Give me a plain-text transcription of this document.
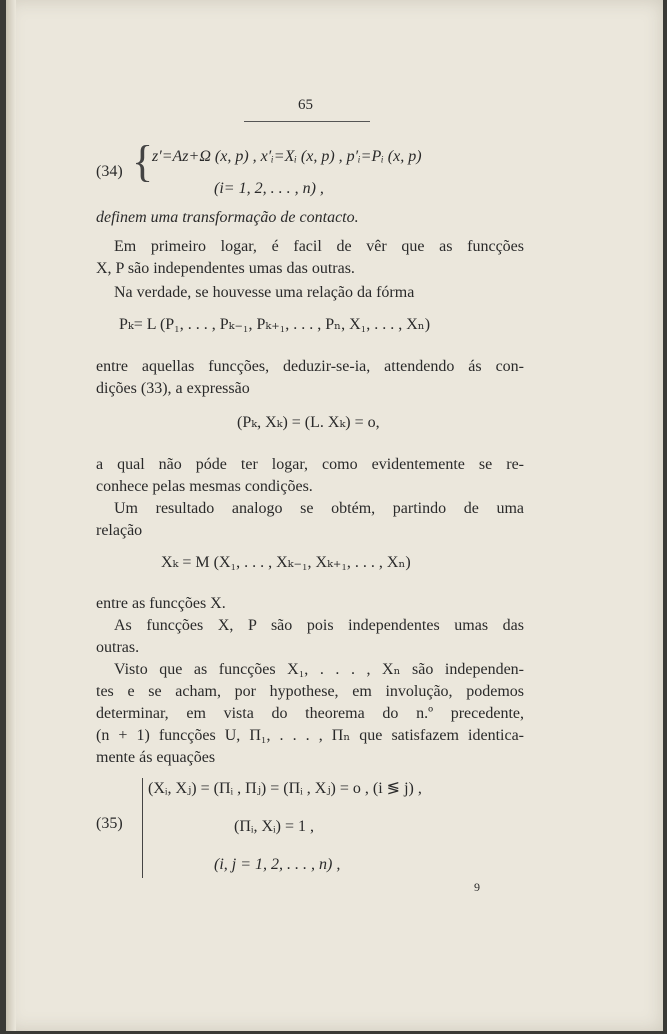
65
(34) {
z′=Az+Ω (x, p) , x′ᵢ=Xᵢ (x, p) , p′ᵢ=Pᵢ (x, p)
(i= 1, 2, . . . , n) ,
definem uma transformação de contacto.
Em primeiro logar, é facil de vêr que as funcções
X, P são independentes umas das outras.
Na verdade, se houvesse uma relação da fórma
Pₖ= L (P₁, . . . , Pₖ₋₁, Pₖ₊₁, . . . , Pₙ, X₁, . . . , Xₙ)
entre aquellas funcções, deduzir-se-ia, attendendo ás con-
dições (33), a expressão
(Pₖ, Xₖ) = (L. Xₖ) = o,
a qual não póde ter logar, como evidentemente se re-
conhece pelas mesmas condições.
Um resultado analogo se obtém, partindo de uma
relação
Xₖ = M (X₁, . . . , Xₖ₋₁, Xₖ₊₁, . . . , Xₙ)
entre as funcções X.
As funcções X, P são pois independentes umas das
outras.
Visto que as funcções X₁, . . . , Xₙ são independen-
tes e se acham, por hypothese, em involução, podemos
determinar, em vista do theorema do n.º precedente,
(n + 1) funcções U, Π₁, . . . , Πₙ que satisfazem identica-
mente ás equações
(35)
(Xᵢ, Xⱼ) = (Πᵢ , Πⱼ) = (Πᵢ , Xⱼ) = o , (i ≶ j) ,
(Πᵢ, Xᵢ) = 1 ,
(i, j = 1, 2, . . . , n) ,
9
